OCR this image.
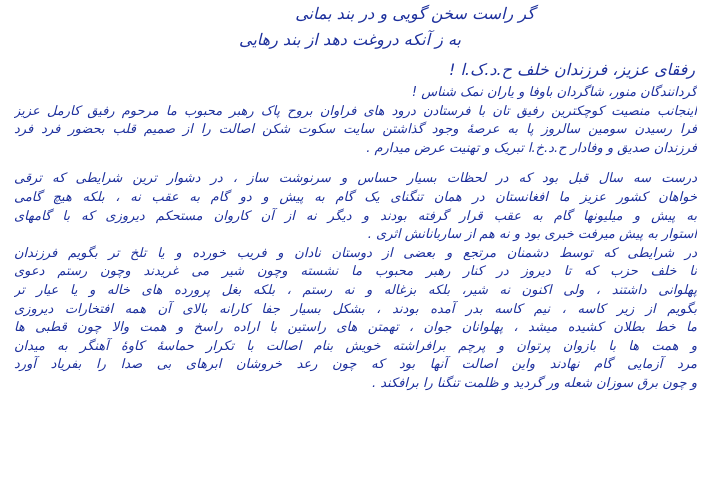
گر راست سخن گویی و در بند بمانی
به ز آنکه دروغت دهد از بند رهایی
رفقای عزیز، فرزندان خلف ح.د.ک.ا !
گردانندگان منور، شاگردان باوفا و یاران نمک شناس !
اینجانب منصیت کوچکترین رفیق تان با فرستادن درود های فراوان بروح پاک رهبر محبوب ما مرحوم رفیق کارمل عزیز
فرا رسیدن سومین سالروز پا به عرصهٔ وجود گذاشتن سایت سکوت شکن اصالت را از صمیم قلب بحضور فرد فرد
فرزندان صدیق و وفادار ح.د.خ.ا تبریک و تهنیت عرض میدارم .
درست سه سال قبل بود که در لحظات بسیار حساس و سرنوشت ساز ، در دشوار ترین شرایطی که ترقی
خواهان کشور عزیز ما افغانستان در همان تنگنای یک گام به پیش و دو گام به عقب نه ، بلکه هیچ گامی
به پیش و میلیونها گام به عقب قرار گرفته بودند و دیگر نه از آن کاروان مستحکم دیروزی که با گامهای
استوار به پیش میرفت خبری بود و نه هم از ساربانانش اثری .
در شرایطی که توسط دشمنان مرتجع و بعضی از دوستان نادان و فریب خورده و یا تلخ تر بگویم فرزندان
نا خلف حزب که تا دیروز در کنار رهبر محبوب ما نشسته وچون شیر می غریدند وچون رستم دعوی
پهلوانی داشتند ، ولی اکنون نه شیر، بلکه بزغاله و نه رستم ، بلکه بغل پرورده های خاله و یا عیار تر
بگویم از زیر کاسه ، نیم کاسه بدر آمده بودند ، بشکل بسیار جفا کارانه بالای آن همه افتخارات دیروزی
ما خط بطلان کشیده میشد ، پهلوانان جوان ، تهمتن های راستین با اراده راسخ و همت والا چون قطبی ها
و همت ها با بازوان پرتوان و پرچم برافراشته خویش بنام اصالت با تکرار حماسهٔ کاوهٔ آهنگر به میدان
مرد آزمایی گام نهادند واین اصالت آنها بود که چون رعد خروشان ابرهای بی صدا را بفریاد آورد
و چون برق سوزان شعله ور گردید و ظلمت تنگنا را برافکند .
